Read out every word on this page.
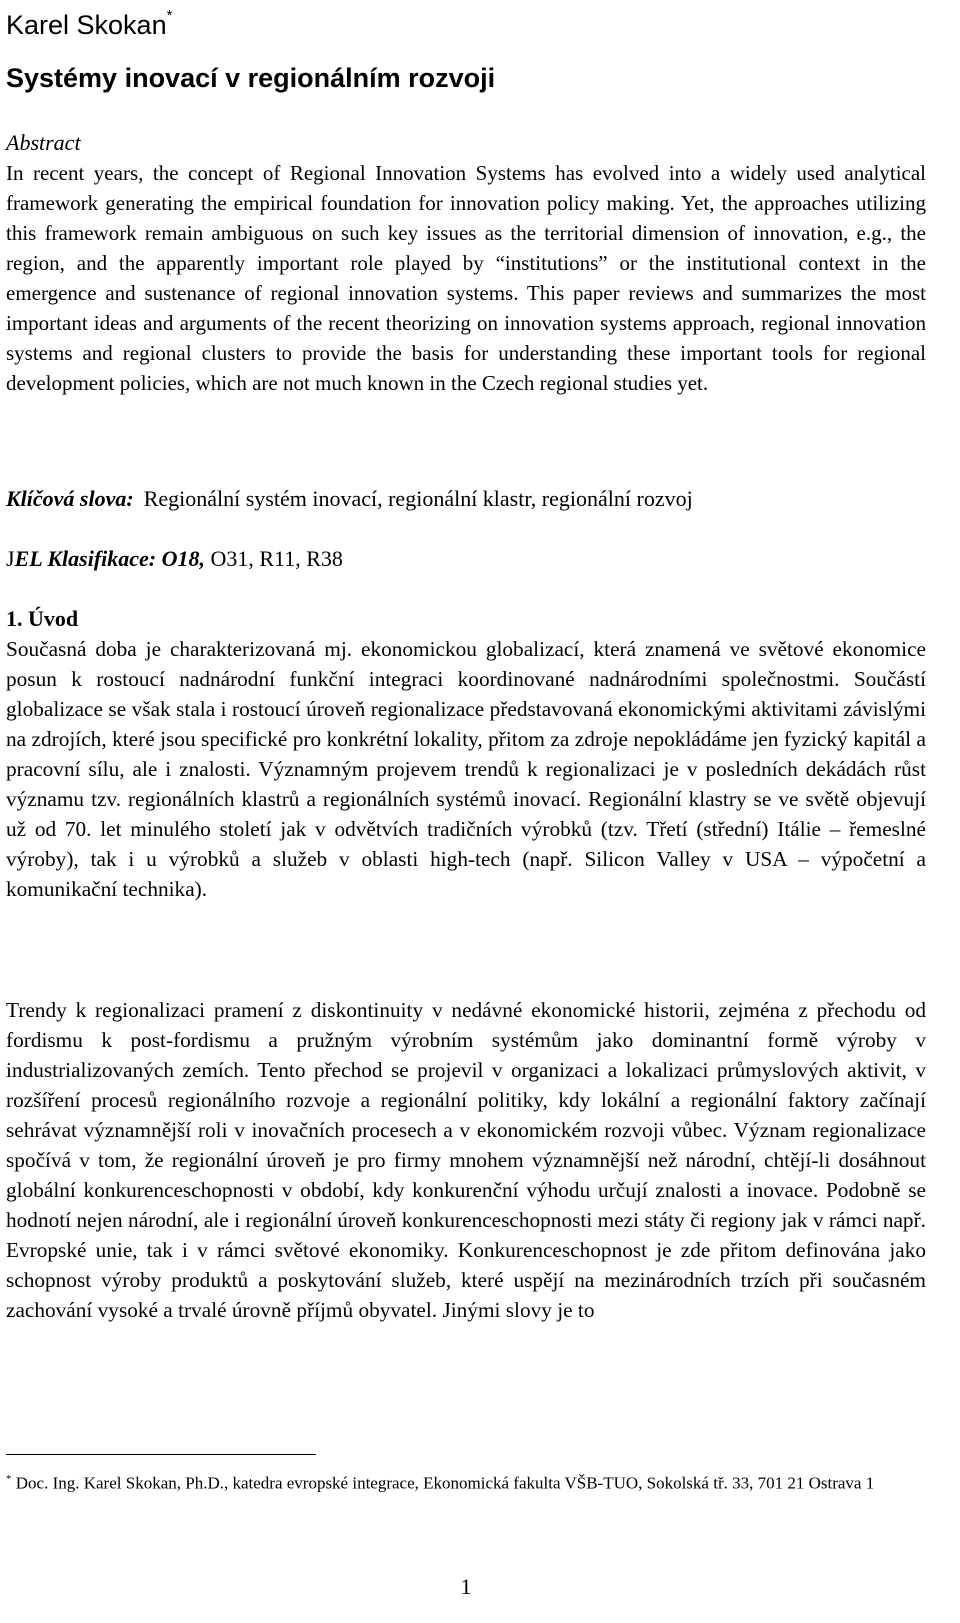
Karel Skokan*
Systémy inovací v regionálním rozvoji
Abstract

In recent years, the concept of Regional Innovation Systems has evolved into a widely used analytical framework generating the empirical foundation for innovation policy making. Yet, the approaches utilizing this framework remain ambiguous on such key issues as the territorial dimension of innovation, e.g., the region, and the apparently important role played by “institutions” or the institutional context in the emergence and sustenance of regional innovation systems. This paper reviews and summarizes the most important ideas and arguments of the recent theorizing on innovation systems approach, regional innovation systems and regional clusters to provide the basis for understanding these important tools for regional development policies, which are not much known in the Czech regional studies yet.

Klíčová slova: Regionální systém inovací, regionální klastr, regionální rozvoj
JEL Klasifikace: O18, O31, R11, R38
1. Úvod

Současná doba je charakterizovaná mj. ekonomickou globalizací, která znamená ve světové ekonomice posun k rostoucí nadnárodní funkční integraci koordinované nadnárodními společnostmi. Součástí globalizace se však stala i rostoucí úroveň regionalizace představovaná ekonomickými aktivitami závislými na zdrojích, které jsou specifické pro konkrétní lokality, přitom za zdroje nepokládáme jen fyzický kapitál a pracovní sílu, ale i znalosti. Významným projevem trendů k regionalizaci je v posledních dekádách růst významu tzv. regionálních klastrů a regionálních systémů inovací. Regionální klastry se ve světě objevují už od 70. let minulého století jak v odvětvích tradičních výrobků (tzv. Třetí (střední) Itálie – řemeslné výroby), tak i u výrobků a služeb v oblasti high-tech (např. Silicon Valley v USA – výpočetní a komunikační technika).

Trendy k regionalizaci pramení z diskontinuity v nedávné ekonomické historii, zejména z přechodu od fordismu k post-fordismu a pružným výrobním systémům jako dominantní formě výroby v industrializovaných zemích. Tento přechod se projevil v organizaci a lokalizaci průmyslových aktivit, v rozšíření procesů regionálního rozvoje a regionální politiky, kdy lokální a regionální faktory začínají sehrávat významnější roli v inovačních procesech a v ekonomickém rozvoji vůbec. Význam regionalizace spočívá v tom, že regionální úroveň je pro firmy mnohem významnější než národní, chtějí-li dosáhnout globální konkurenceschopnosti v období, kdy konkurenční výhodu určují znalosti a inovace. Podobně se hodnotí nejen národní, ale i regionální úroveň konkurenceschopnosti mezi státy či regiony jak v rámci např. Evropské unie, tak i v rámci světové ekonomiky. Konkurenceschopnost je zde přitom definována jako schopnost výroby produktů a poskytování služeb, které uspějí na mezinárodních trzích při současném zachování vysoké a trvalé úrovně příjmů obyvatel. Jinými slovy je to

* Doc. Ing. Karel Skokan, Ph.D., katedra evropské integrace, Ekonomická fakulta VŠB-TUO, Sokolská tř. 33, 701 21 Ostrava 1

1
